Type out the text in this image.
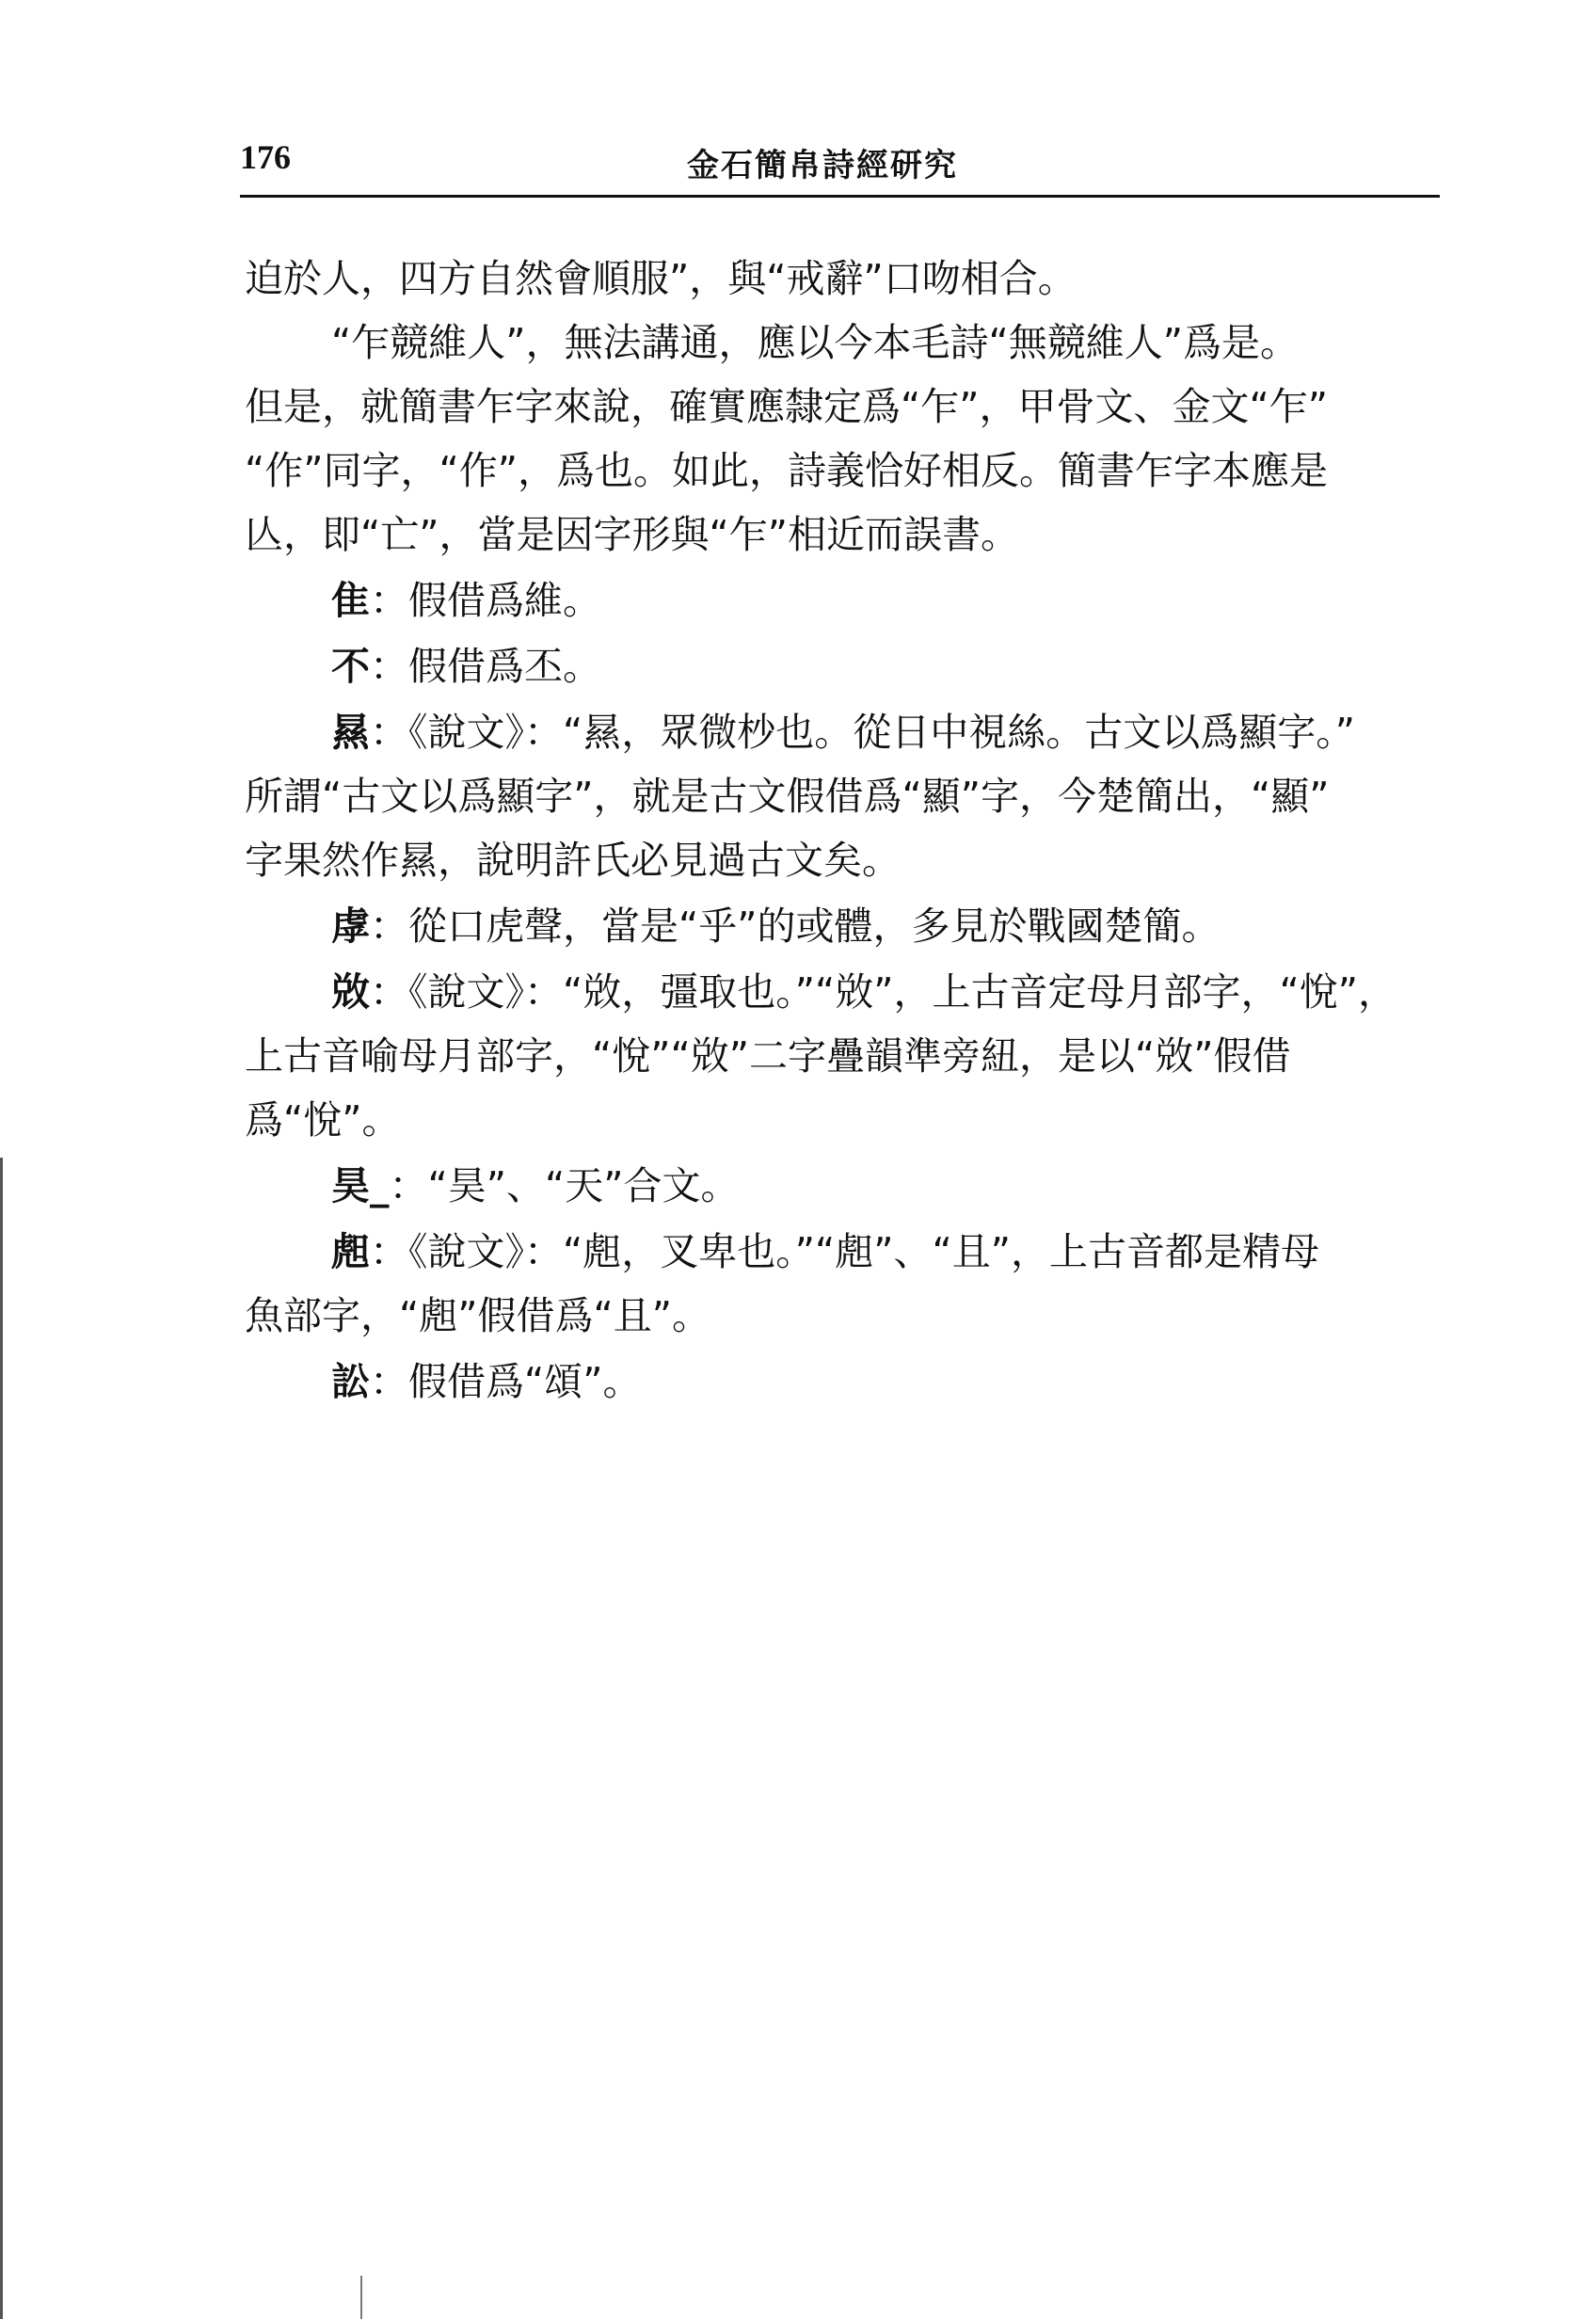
176	金石簡帛詩經研究
迫於人，四方自然會順服”，與“戒辭”口吻相合。
“乍競維人”，無法講通，應以今本毛詩“無競維人”爲是。
但是，就簡書乍字來說，確實應隸定爲“乍”，甲骨文、金文“乍”
“作”同字，“作”，爲也。如此，詩義恰好相反。簡書乍字本應是
亾，即“亡”，當是因字形與“乍”相近而誤書。
隹：假借爲維。
不：假借爲丕。
㬎：《說文》：“㬎，眾微杪也。從日中視絲。古文以爲顯字。”
所謂“古文以爲顯字”，就是古文假借爲“顯”字，今楚簡出，“顯”
字果然作㬎，說明許氏必見過古文矣。
虖：從口虎聲，當是“乎”的或體，多見於戰國楚簡。
敚：《說文》：“敚，彊取也。”“敚”，上古音定母月部字，“悅”，
上古音喻母月部字，“悅”“敚”二字疊韻準旁紐，是以“敚”假借
爲“悅”。
昊_：“昊”、“天”合文。
䖑：《說文》：“䖑，叉卑也。”“䖑”、“且”，上古音都是精母
魚部字，“䖑”假借爲“且”。
訟：假借爲“頌”。
